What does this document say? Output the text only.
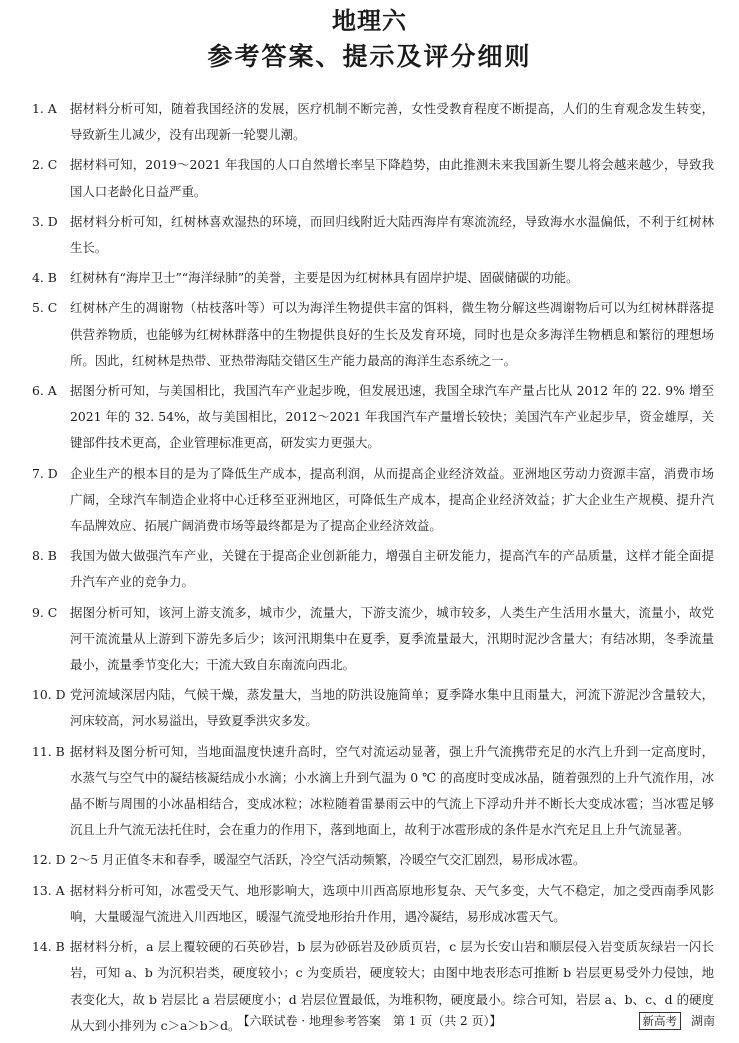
地理六
参考答案、提示及评分细则
1. A	据材料分析可知，随着我国经济的发展，医疗机制不断完善，女性受教育程度不断提高，人们的生育观念发生转变，导致新生儿减少，没有出现新一轮婴儿潮。
2. C	据材料可知，2019～2021 年我国的人口自然增长率呈下降趋势，由此推测未来我国新生婴儿将会越来越少，导致我国人口老龄化日益严重。
3. D 据材料分析可知，红树林喜欢湿热的环境，而回归线附近大陆西海岸有寒流流经，导致海水水温偏低，不利于红树林生长。
4. B	红树林有“海岸卫士”“海洋绿肺”的美誉，主要是因为红树林具有固岸护堤、固碳储碳的功能。
5. C	红树林产生的凋谢物（枯枝落叶等）可以为海洋生物提供丰富的饵料，微生物分解这些凋谢物后可以为红树林群落提供营养物质，也能够为红树林群落中的生物提供良好的生长及发育环境，同时也是众多海洋生物栖息和繁衍的理想场所。因此，红树林是热带、亚热带海陆交错区生产能力最高的海洋生态系统之一。
6. A	据图分析可知，与美国相比，我国汽车产业起步晚，但发展迅速，我国全球汽车产量占比从 2012 年的 22. 9% 增至 2021 年的 32. 54%，故与美国相比，2012～2021 年我国汽车产量增长较快；美国汽车产业起步早，资金雄厚，关键部件技术更高，企业管理标准更高，研发实力更强大。
7. D 企业生产的根本目的是为了降低生产成本，提高利润，从而提高企业经济效益。亚洲地区劳动力资源丰富，消费市场广阔，全球汽车制造企业将中心迁移至亚洲地区，可降低生产成本，提高企业经济效益；扩大企业生产规模、提升汽车品牌效应、拓展广阔消费市场等最终都是为了提高企业经济效益。
8. B	我国为做大做强汽车产业，关键在于提高企业创新能力，增强自主研发能力，提高汽车的产品质量，这样才能全面提升汽车产业的竞争力。
9. C	据图分析可知，该河上游支流多，城市少，流量大，下游支流少，城市较多，人类生产生活用水量大，流量小，故党河干流流量从上游到下游先多后少；该河汛期集中在夏季，夏季流量最大，汛期时泥沙含量大；有结冰期，冬季流量最小，流量季节变化大；干流大致自东南流向西北。
10. D 党河流域深居内陆，气候干燥，蒸发量大，当地的防洪设施简单；夏季降水集中且雨量大，河流下游泥沙含量较大，河床较高，河水易溢出，导致夏季洪灾多发。
11. B 据材料及图分析可知，当地面温度快速升高时，空气对流运动显著，强上升气流携带充足的水汽上升到一定高度时，水蒸气与空气中的凝结核凝结成小水滴；小水滴上升到气温为 0 ℃ 的高度时变成冰晶，随着强烈的上升气流作用，冰晶不断与周围的小冰晶相结合，变成冰粒；冰粒随着雷暴雨云中的气流上下浮动升并不断长大变成冰雹；当冰雹足够沉且上升气流无法托住时，会在重力的作用下，落到地面上，故利于冰雹形成的条件是水汽充足且上升气流显著。
12. D 2～5 月正值冬末和春季，暖湿空气活跃，冷空气活动频繁，冷暖空气交汇剧烈，易形成冰雹。
13. A 据材料分析可知，冰雹受天气、地形影响大，选项中川西高原地形复杂、天气多变，大气不稳定，加之受西南季风影响，大量暖湿气流进入川西地区，暖湿气流受地形抬升作用，遇冷凝结，易形成冰雹天气。
14. B 据材料分析，a 层上覆较硬的石英砂岩，b 层为砂砾岩及砂质页岩，c 层为长安山岩和顺层侵入岩变质灰绿岩一闪长岩，可知 a、b 为沉积岩类，硬度较小；c 为变质岩，硬度较大；由图中地表形态可推断 b 岩层更易受外力侵蚀，地表变化大，故 b 岩层比 a 岩层硬度小；d 岩层位置最低，为堆积物，硬度最小。综合可知，岩层 a、b、c、d 的硬度从大到小排列为 c＞a＞b＞d。
【六联试卷 · 地理参考答案　第 1 页（共 2 页）】	新高考	湖南
